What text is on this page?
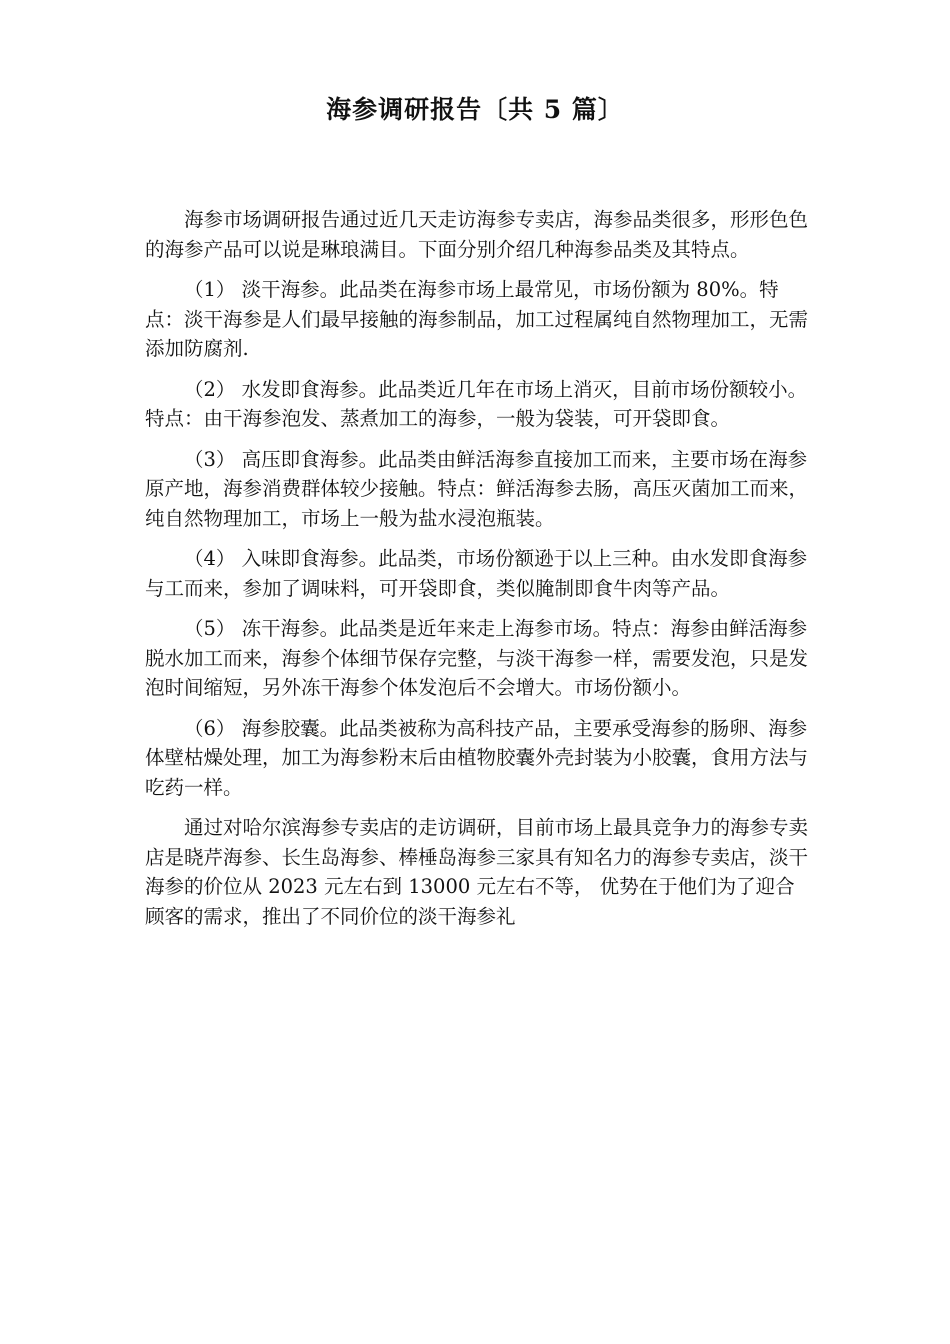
海参调研报告〔共 5 篇〕

海参市场调研报告通过近几天走访海参专卖店，海参品类很多，形形色色的海参产品可以说是琳琅满目。下面分别介绍几种海参品类及其特点。

（1） 淡干海参。此品类在海参市场上最常见，市场份额为 80%。特点：淡干海参是人们最早接触的海参制品，加工过程属纯自然物理加工，无需添加防腐剂.

（2） 水发即食海参。此品类近几年在市场上消灭，目前市场份额较小。特点：由干海参泡发、蒸煮加工的海参，一般为袋装，可开袋即食。

（3） 高压即食海参。此品类由鲜活海参直接加工而来，主要市场在海参原产地，海参消费群体较少接触。特点：鲜活海参去肠，高压灭菌加工而来，纯自然物理加工，市场上一般为盐水浸泡瓶装。

（4） 入味即食海参。此品类，市场份额逊于以上三种。由水发即食海参与工而来，参加了调味料，可开袋即食，类似腌制即食牛肉等产品。

（5） 冻干海参。此品类是近年来走上海参市场。特点：海参由鲜活海参脱水加工而来，海参个体细节保存完整，与淡干海参一样，需要发泡，只是发泡时间缩短，另外冻干海参个体发泡后不会增大。市场份额小。

（6） 海参胶囊。此品类被称为高科技产品，主要承受海参的肠卵、海参体壁枯燥处理，加工为海参粉末后由植物胶囊外壳封装为小胶囊，食用方法与吃药一样。

通过对哈尔滨海参专卖店的走访调研，目前市场上最具竞争力的海参专卖店是晓芹海参、长生岛海参、棒棰岛海参三家具有知名力的海参专卖店，淡干海参的价位从 2023 元左右到 13000 元左右不等， 优势在于他们为了迎合顾客的需求，推出了不同价位的淡干海参礼
